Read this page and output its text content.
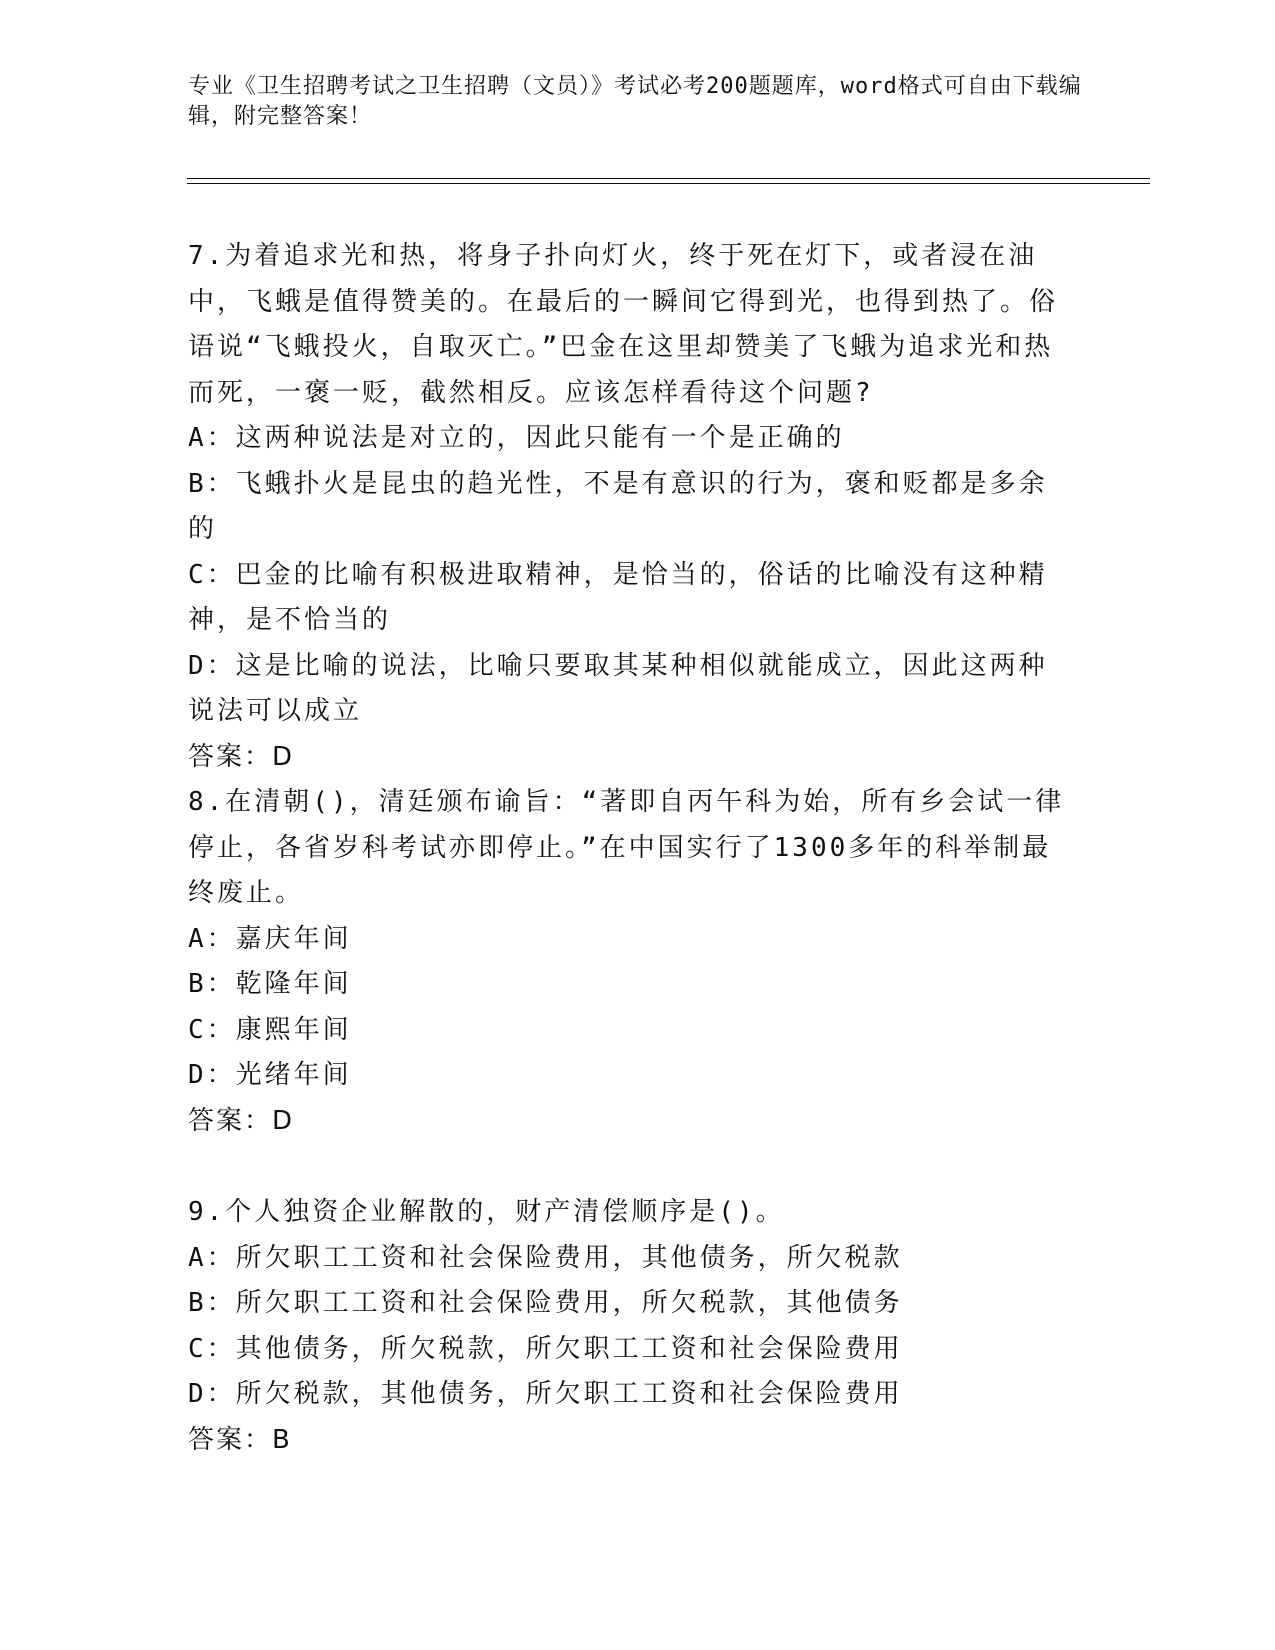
专业《卫生招聘考试之卫生招聘（文员）》考试必考200题题库，word格式可自由下载编辑，附完整答案！

7.为着追求光和热，将身子扑向灯火，终于死在灯下，或者浸在油中，飞蛾是值得赞美的。在最后的一瞬间它得到光，也得到热了。俗语说“飞蛾投火，自取灭亡。”巴金在这里却赞美了飞蛾为追求光和热而死，一褒一贬，截然相反。应该怎样看待这个问题?

A：这两种说法是对立的，因此只能有一个是正确的

B：飞蛾扑火是昆虫的趋光性，不是有意识的行为，褒和贬都是多余的

C：巴金的比喻有积极进取精神，是恰当的，俗话的比喻没有这种精神，是不恰当的

D：这是比喻的说法，比喻只要取其某种相似就能成立，因此这两种说法可以成立

答案：D

8.在清朝()，清廷颁布谕旨：“著即自丙午科为始，所有乡会试一律停止，各省岁科考试亦即停止。”在中国实行了1300多年的科举制最终废止。

A：嘉庆年间

B：乾隆年间

C：康熙年间

D：光绪年间

答案：D

9.个人独资企业解散的，财产清偿顺序是()。

A：所欠职工工资和社会保险费用，其他债务，所欠税款

B：所欠职工工资和社会保险费用，所欠税款，其他债务

C：其他债务，所欠税款，所欠职工工资和社会保险费用

D：所欠税款，其他债务，所欠职工工资和社会保险费用

答案：B
